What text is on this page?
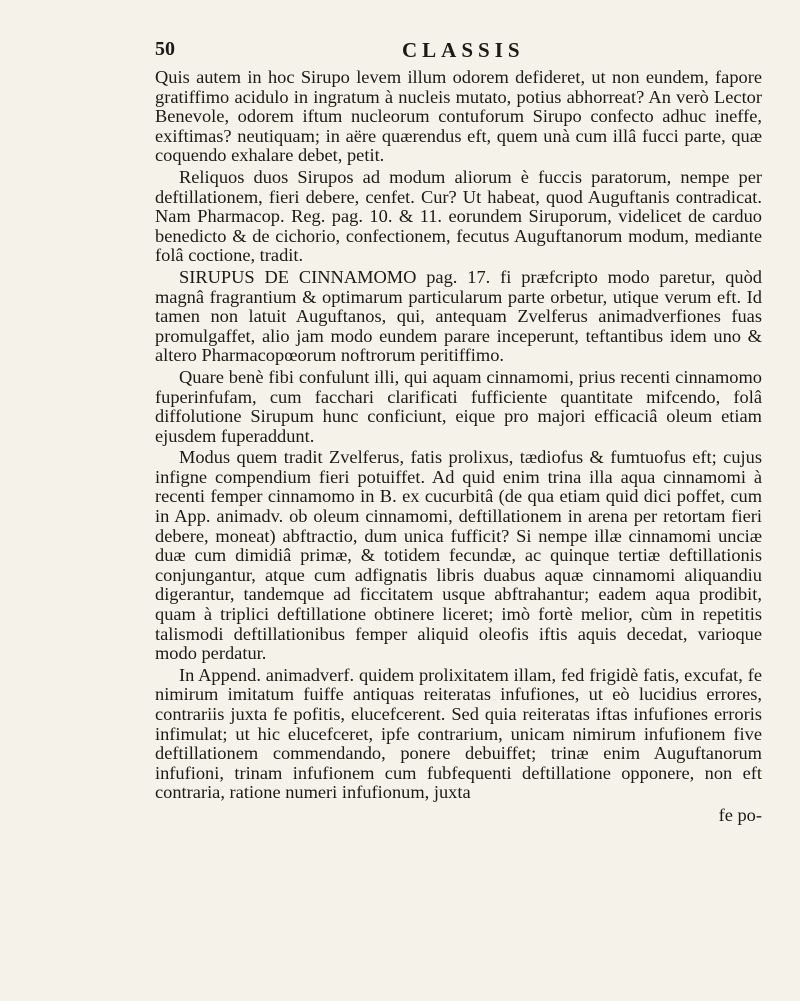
50	CLASSIS

Quis autem in hoc Sirupo levem illum odorem defideret, ut non eundem, fapore gratiffimo acidulo in ingratum à nucleis mutato, potius abhorreat? An verò Lector Benevole, odorem iftum nucleorum contuforum Sirupo confecto adhuc ineffe, exiftimas? neutiquam; in aëre quærendus eft, quem unà cum illâ fucci parte, quæ coquendo exhalare debet, petit.

Reliquos duos Sirupos ad modum aliorum è fuccis paratorum, nempe per deftillationem, fieri debere, cenfet. Cur? Ut habeat, quod Auguftanis contradicat. Nam Pharmacop. Reg. pag. 10. & 11. eorundem Siruporum, videlicet de carduo benedicto & de cichorio, confectionem, fecutus Auguftanorum modum, mediante folâ coctione, tradit.

SIRUPUS DE CINNAMOMO pag. 17. fi præfcripto modo paretur, quòd magnâ fragrantium & optimarum particularum parte orbetur, utique verum eft. Id tamen non latuit Auguftanos, qui, antequam Zvelferus animadverfiones fuas promulgaffet, alio jam modo eundem parare inceperunt, teftantibus idem uno & altero Pharmacopœorum noftrorum peritiffimo.

Quare benè fibi confulunt illi, qui aquam cinnamomi, prius recenti cinnamomo fuperinfufam, cum facchari clarificati fufficiente quantitate mifcendo, folâ diffolutione Sirupum hunc conficiunt, eique pro majori efficaciâ oleum etiam ejusdem fuperaddunt.

Modus quem tradit Zvelferus, fatis prolixus, tædiofus & fumtuofus eft; cujus infigne compendium fieri potuiffet. Ad quid enim trina illa aqua cinnamomi à recenti femper cinnamomo in B. ex cucurbitâ (de qua etiam quid dici poffet, cum in App. animadv. ob oleum cinnamomi, deftillationem in arena per retortam fieri debere, moneat) abftractio, dum unica fufficit? Si nempe illæ cinnamomi unciæ duæ cum dimidiâ primæ, & totidem fecundæ, ac quinque tertiæ deftillationis conjungantur, atque cum adfignatis libris duabus aquæ cinnamomi aliquandiu digerantur, tandemque ad ficcitatem usque abftrahantur; eadem aqua prodibit, quam à triplici deftillatione obtinere liceret; imò fortè melior, cùm in repetitis talismodi deftillationibus femper aliquid oleofis iftis aquis decedat, varioque modo perdatur.

In Append. animadverf. quidem prolixitatem illam, fed frigidè fatis, excufat, fe nimirum imitatum fuiffe antiquas reiteratas infufiones, ut eò lucidius errores, contrariis juxta fe pofitis, elucefcerent. Sed quia reiteratas iftas infufiones erroris infimulat; ut hic elucefceret, ipfe contrarium, unicam nimirum infufionem five deftillationem commendando, ponere debuiffet; trinæ enim Auguftanorum infufioni, trinam infufionem cum fubfequenti deftillatione opponere, non eft contraria, ratione numeri infufionum, juxta

fe po-
